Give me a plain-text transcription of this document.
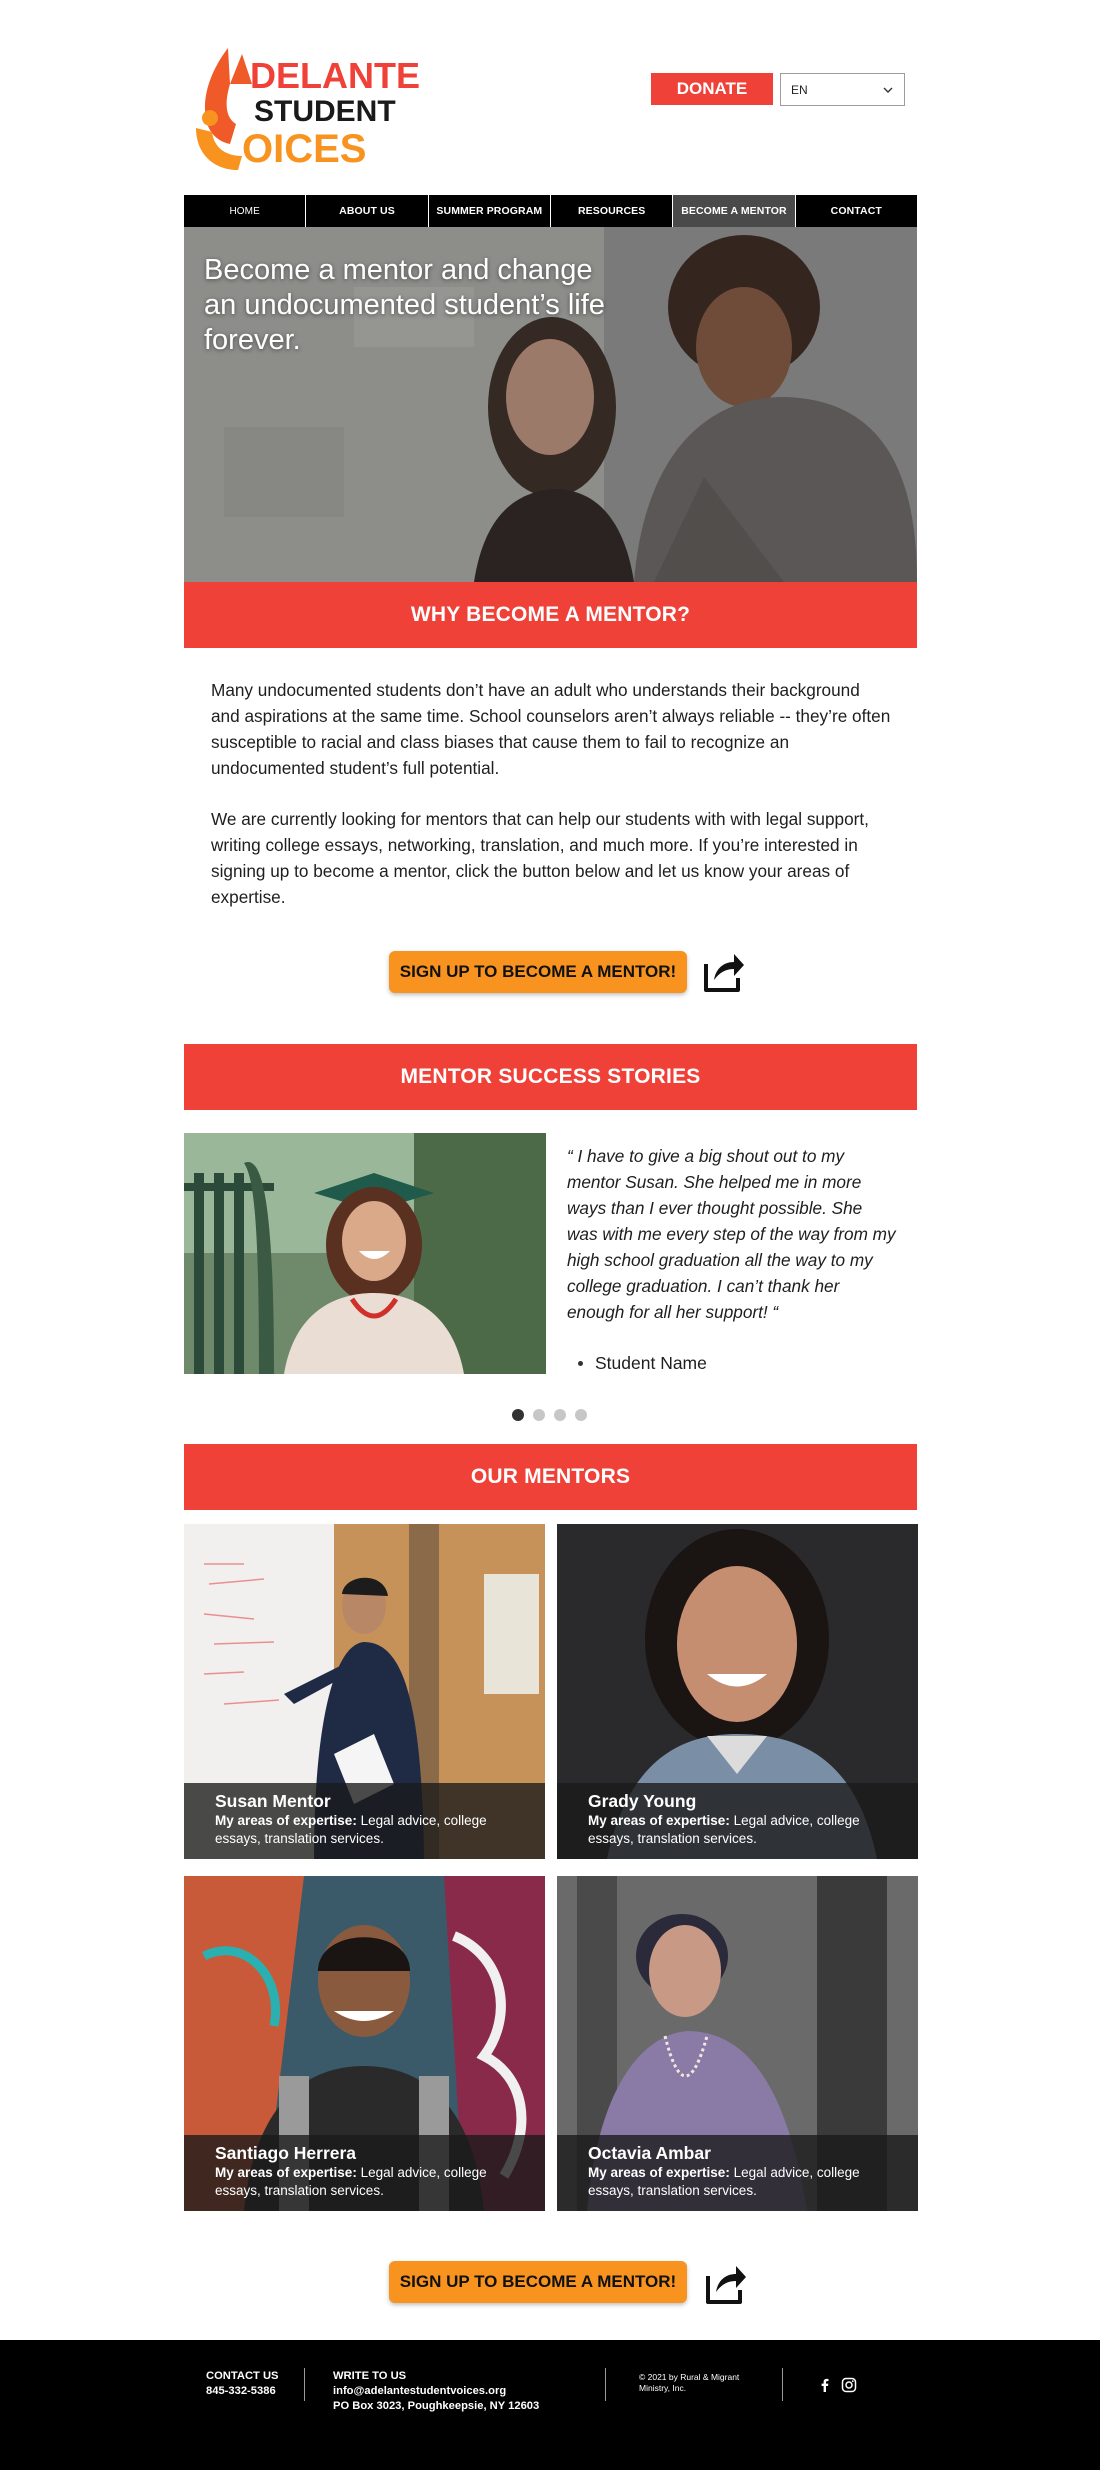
DELANTE
STUDENT
OICES
DONATE	EN
HOME	ABOUT US	SUMMER PROGRAM	RESOURCES	BECOME A MENTOR	CONTACT
Become a mentor and change an undocumented student’s life forever.
WHY BECOME A MENTOR?

Many undocumented students don’t have an adult who understands their background and aspirations at the same time. School counselors aren’t always reliable -- they’re often susceptible to racial and class biases that cause them to fail to recognize an undocumented student’s full potential.

We are currently looking for mentors that can help our students with with legal support, writing college essays, networking, translation, and much more. If you’re interested in signing up to become a mentor, click the button below and let us know your areas of expertise.

SIGN UP TO BECOME A MENTOR!
MENTOR SUCCESS STORIES

“ I have to give a big shout out to my mentor Susan. She helped me in more ways than I ever thought possible. She was with me every step of the way from my high school graduation all the way to my college graduation. I can’t thank her enough for all her support! “

Student Name
OUR MENTORS
Susan Mentor
My areas of expertise: Legal advice, college essays, translation services.
Grady Young
My areas of expertise: Legal advice, college essays, translation services.
Santiago Herrera
My areas of expertise: Legal advice, college essays, translation services.
Octavia Ambar
My areas of expertise: Legal advice, college essays, translation services.
SIGN UP TO BECOME A MENTOR!
CONTACT US
845-332-5386
WRITE TO US
info@adelantestudentvoices.org
PO Box 3023, Poughkeepsie, NY 12603
© 2021 by Rural & Migrant Ministry, Inc.
